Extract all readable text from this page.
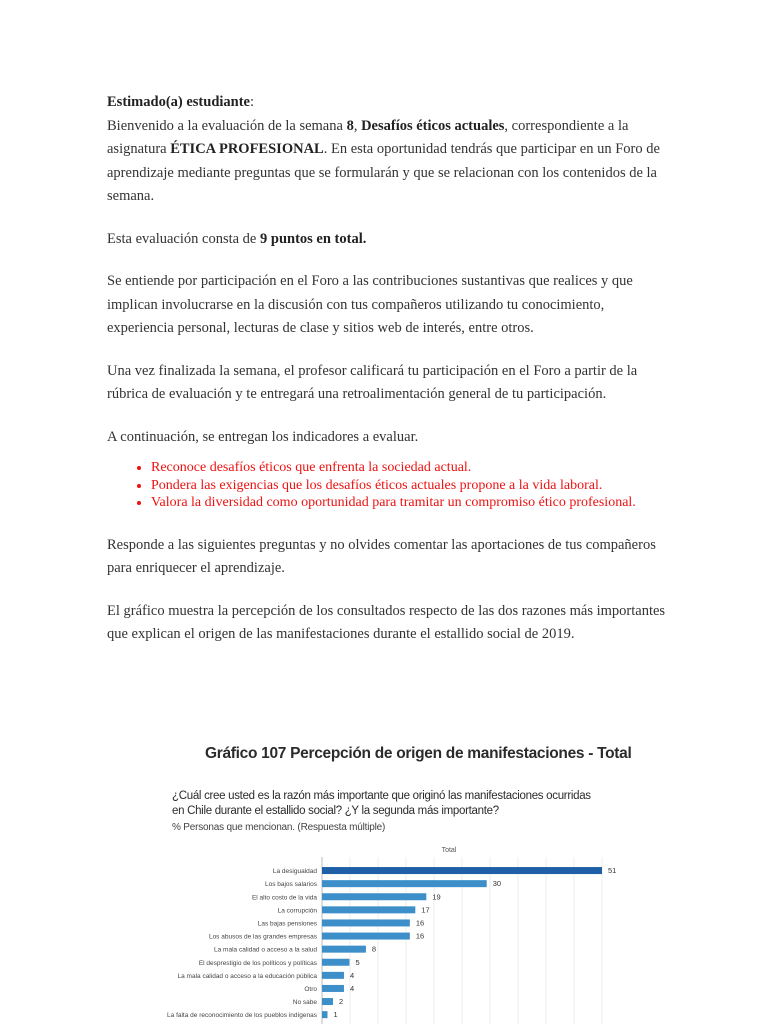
Estimado(a) estudiante:

Bienvenido a la evaluación de la semana 8, Desafíos éticos actuales, correspondiente a la asignatura ÉTICA PROFESIONAL. En esta oportunidad tendrás que participar en un Foro de aprendizaje mediante preguntas que se formularán y que se relacionan con los contenidos de la semana.

Esta evaluación consta de 9 puntos en total.

Se entiende por participación en el Foro a las contribuciones sustantivas que realices y que implican involucrarse en la discusión con tus compañeros utilizando tu conocimiento, experiencia personal, lecturas de clase y sitios web de interés, entre otros.

Una vez finalizada la semana, el profesor calificará tu participación en el Foro a partir de la rúbrica de evaluación y te entregará una retroalimentación general de tu participación.

A continuación, se entregan los indicadores a evaluar.

• Reconoce desafíos éticos que enfrenta la sociedad actual.
• Pondera las exigencias que los desafíos éticos actuales propone a la vida laboral.
• Valora la diversidad como oportunidad para tramitar un compromiso ético profesional.

Responde a las siguientes preguntas y no olvides comentar las aportaciones de tus compañeros para enriquecer el aprendizaje.

El gráfico muestra la percepción de los consultados respecto de las dos razones más importantes que explican el origen de las manifestaciones durante el estallido social de 2019.

Gráfico 107 Percepción de origen de manifestaciones - Total
¿Cuál cree usted es la razón más importante que originó las manifestaciones ocurridas en Chile durante el estallido social? ¿Y la segunda más importante?
% Personas que mencionan. (Respuesta múltiple)
Total
La desigualdad	51
Los bajos salarios	30
El alto costo de la vida	19
La corrupción	17
Las bajas pensiones	16
Los abusos de las grandes empresas	16
La mala calidad o acceso a la salud	8
El desprestigio de los políticos y políticas	5
La mala calidad o acceso a la educación pública	4
Otro	4
No sabe	2
La falta de reconocimiento de los pueblos indígenas 1
